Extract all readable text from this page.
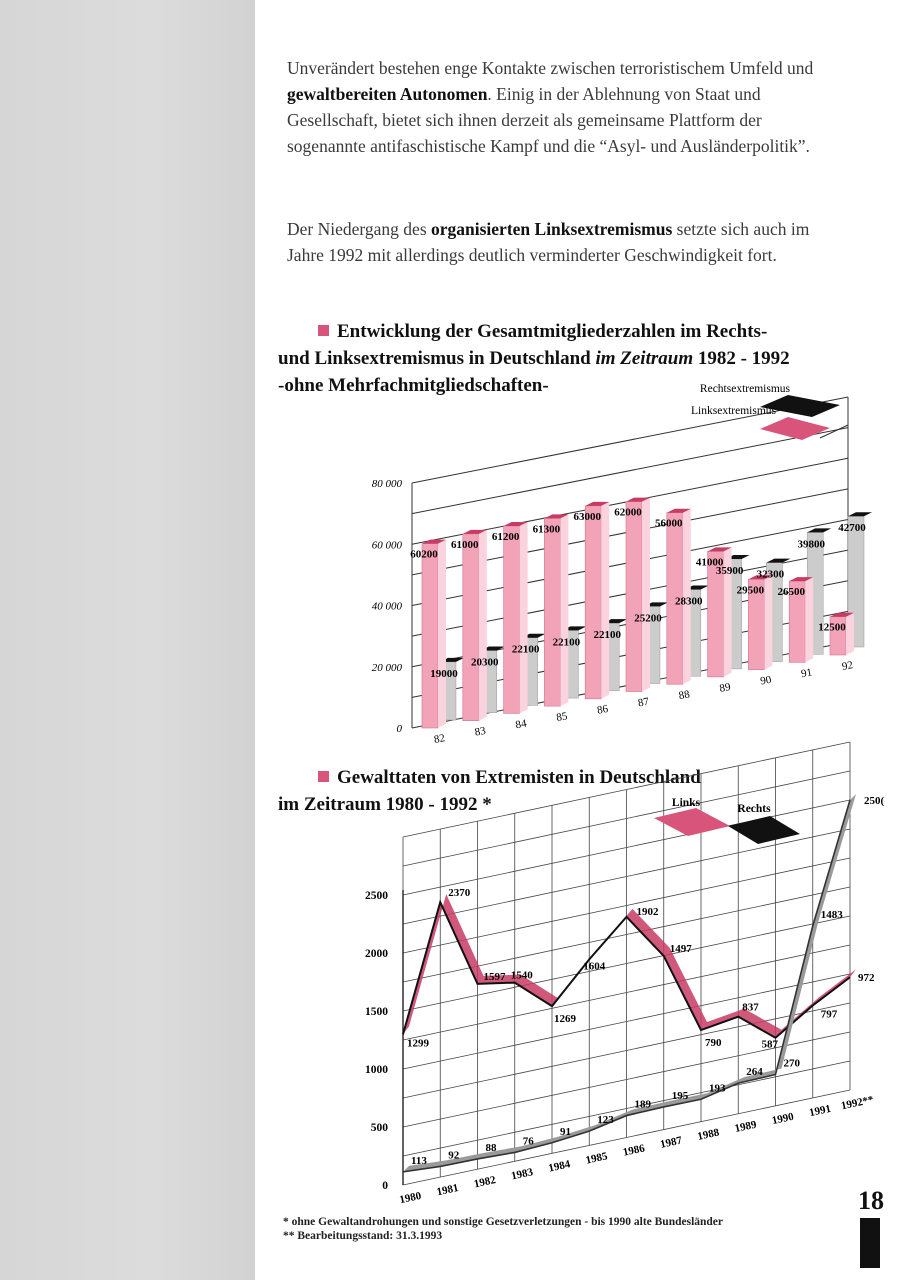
Unverändert bestehen enge Kontakte zwischen terroristischem Umfeld und gewaltbereiten Autonomen. Einig in der Ablehnung von Staat und Gesellschaft, bietet sich ihnen derzeit als gemeinsame Plattform der sogenannte antifaschistische Kampf und die “Asyl- und Ausländerpolitik”.

Der Niedergang des organisierten Linksextremismus setzte sich auch im Jahre 1992 mit allerdings deutlich verminderter Geschwindigkeit fort.

Entwicklung der Gesamtmitgliederzahlen im Rechts-
und Linksextremismus in Deutschland im Zeitraum 1982 - 1992
-ohne Mehrfachmitgliedschaften-
Gewalttaten von Extremisten in Deutschland
im Zeitraum 1980 - 1992 *
0
20 000
40 000
60 000
80 000
60200
19000
82
61000
20300
83
61200
22100
84
61300
22100
85
63000
22100
86
62000
25200
87
56000
28300
88
41000
35900
89
29500
32300
90
26500
39800
91
12500
42700
92
Rechtsextremismus
Linksextremismus
0
500
1000
1500
2000
2500
1299
113
1980
2370
92
1981
1597
88
1982
1540
76
1983
1269
91
1984
1604
123
1985
1902
189
1986
1497
195
1987
790
193
1988
837
264
1989
587
270
1990
797
1483
1991
972
250(
1992**
Links	Rechts
* ohne Gewaltandrohungen und sonstige Gesetzverletzungen - bis 1990 alte Bundesländer
** Bearbeitungsstand: 31.3.1993
18
